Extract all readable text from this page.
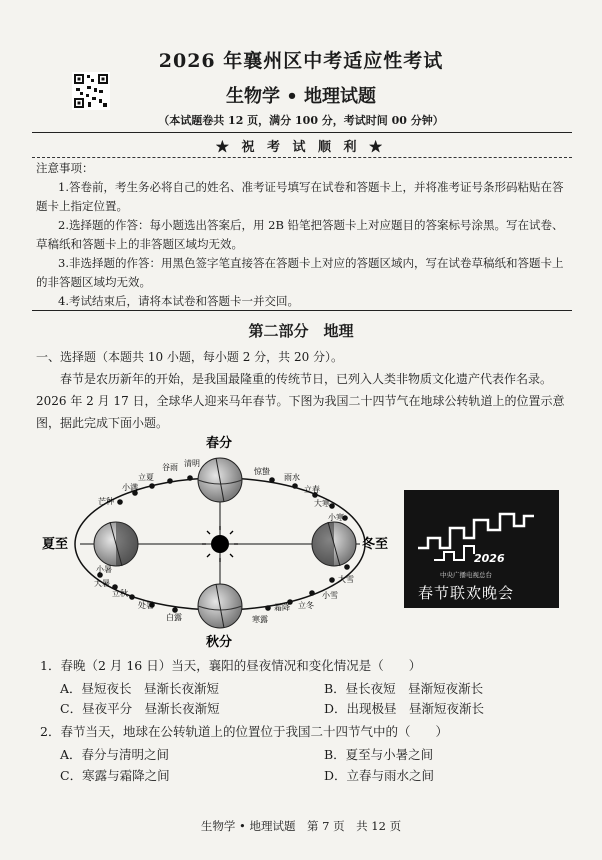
2026 年襄州区中考适应性考试
生物学 • 地理试题
（本试题卷共 12 页，满分 100 分，考试时间 00 分钟）
★ 祝 考 试 顺 利 ★
注意事项：

1.答卷前，考生务必将自己的姓名、准考证号填写在试卷和答题卡上，并将准考证号条形码粘贴在答题卡上指定位置。

2.选择题的作答：每小题选出答案后，用 2B 铅笔把答题卡上对应题目的答案标号涂黑。写在试卷、草稿纸和答题卡上的非答题区域均无效。

3.非选择题的作答：用黑色签字笔直接答在答题卡上对应的答题区域内，写在试卷草稿纸和答题卡上的非答题区域均无效。

4.考试结束后，请将本试卷和答题卡一并交回。

第二部分　地理

一、选择题（本题共 10 小题，每小题 2 分，共 20 分）。

春节是农历新年的开始，是我国最隆重的传统节日，已列入人类非物质文化遗产代表作名录。2026 年 2 月 17 日，全球华人迎来马年春节。下图为我国二十四节气在地球公转轨道上的位置示意图，据此完成下面小题。

春分
夏至
秋分
冬至
立夏
谷雨 清明
小满
芒种
惊蛰
雨水
立春
大寒
小寒
小暑
大暑
立秋
处暑
白露	寒露
霜降 立冬
小雪
大雪
2026
中央广播电视总台
春节联欢晚会
1．春晚（2 月 16 日）当天，襄阳的昼夜情况和变化情况是（　　）
A．昼短夜长　昼渐长夜渐短	B．昼长夜短　昼渐短夜渐长
C．昼夜平分　昼渐长夜渐短	D．出现极昼　昼渐短夜渐长
2．春节当天，地球在公转轨道上的位置位于我国二十四节气中的（　　）
A．春分与清明之间	B．夏至与小暑之间
C．寒露与霜降之间	D．立春与雨水之间
生物学 • 地理试题　第 7 页　共 12 页
